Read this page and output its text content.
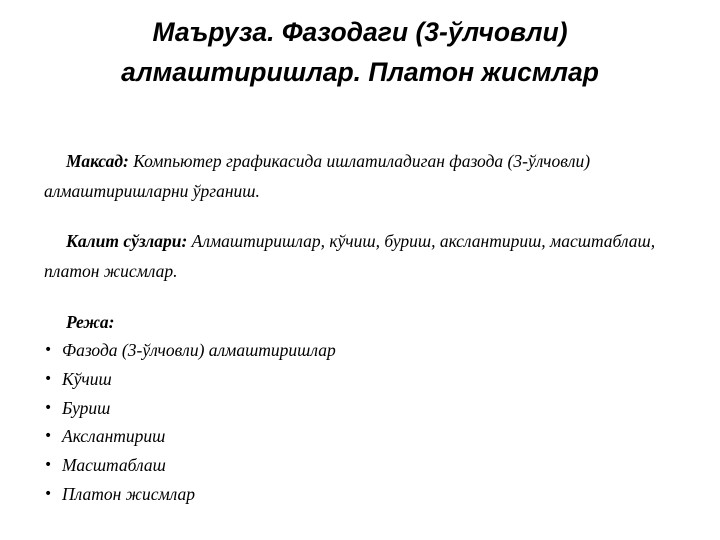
Маъруза. Фазодаги (3-ўлчовли)
алмаштиришлар. Платон жисмлар

Максад: Компьютер графикасида ишлатиладиган фазода (3-ўлчовли) алмаштиришларни ўрганиш.

Калит сўзлари: Алмаштиришлар, кўчиш, буриш, акслантириш, масштаблаш, платон жисмлар.

Режа:

• Фазода (3-ўлчовли) алмаштиришлар
• Кўчиш
• Буриш
• Акслантириш
• Масштаблаш
• Платон жисмлар
